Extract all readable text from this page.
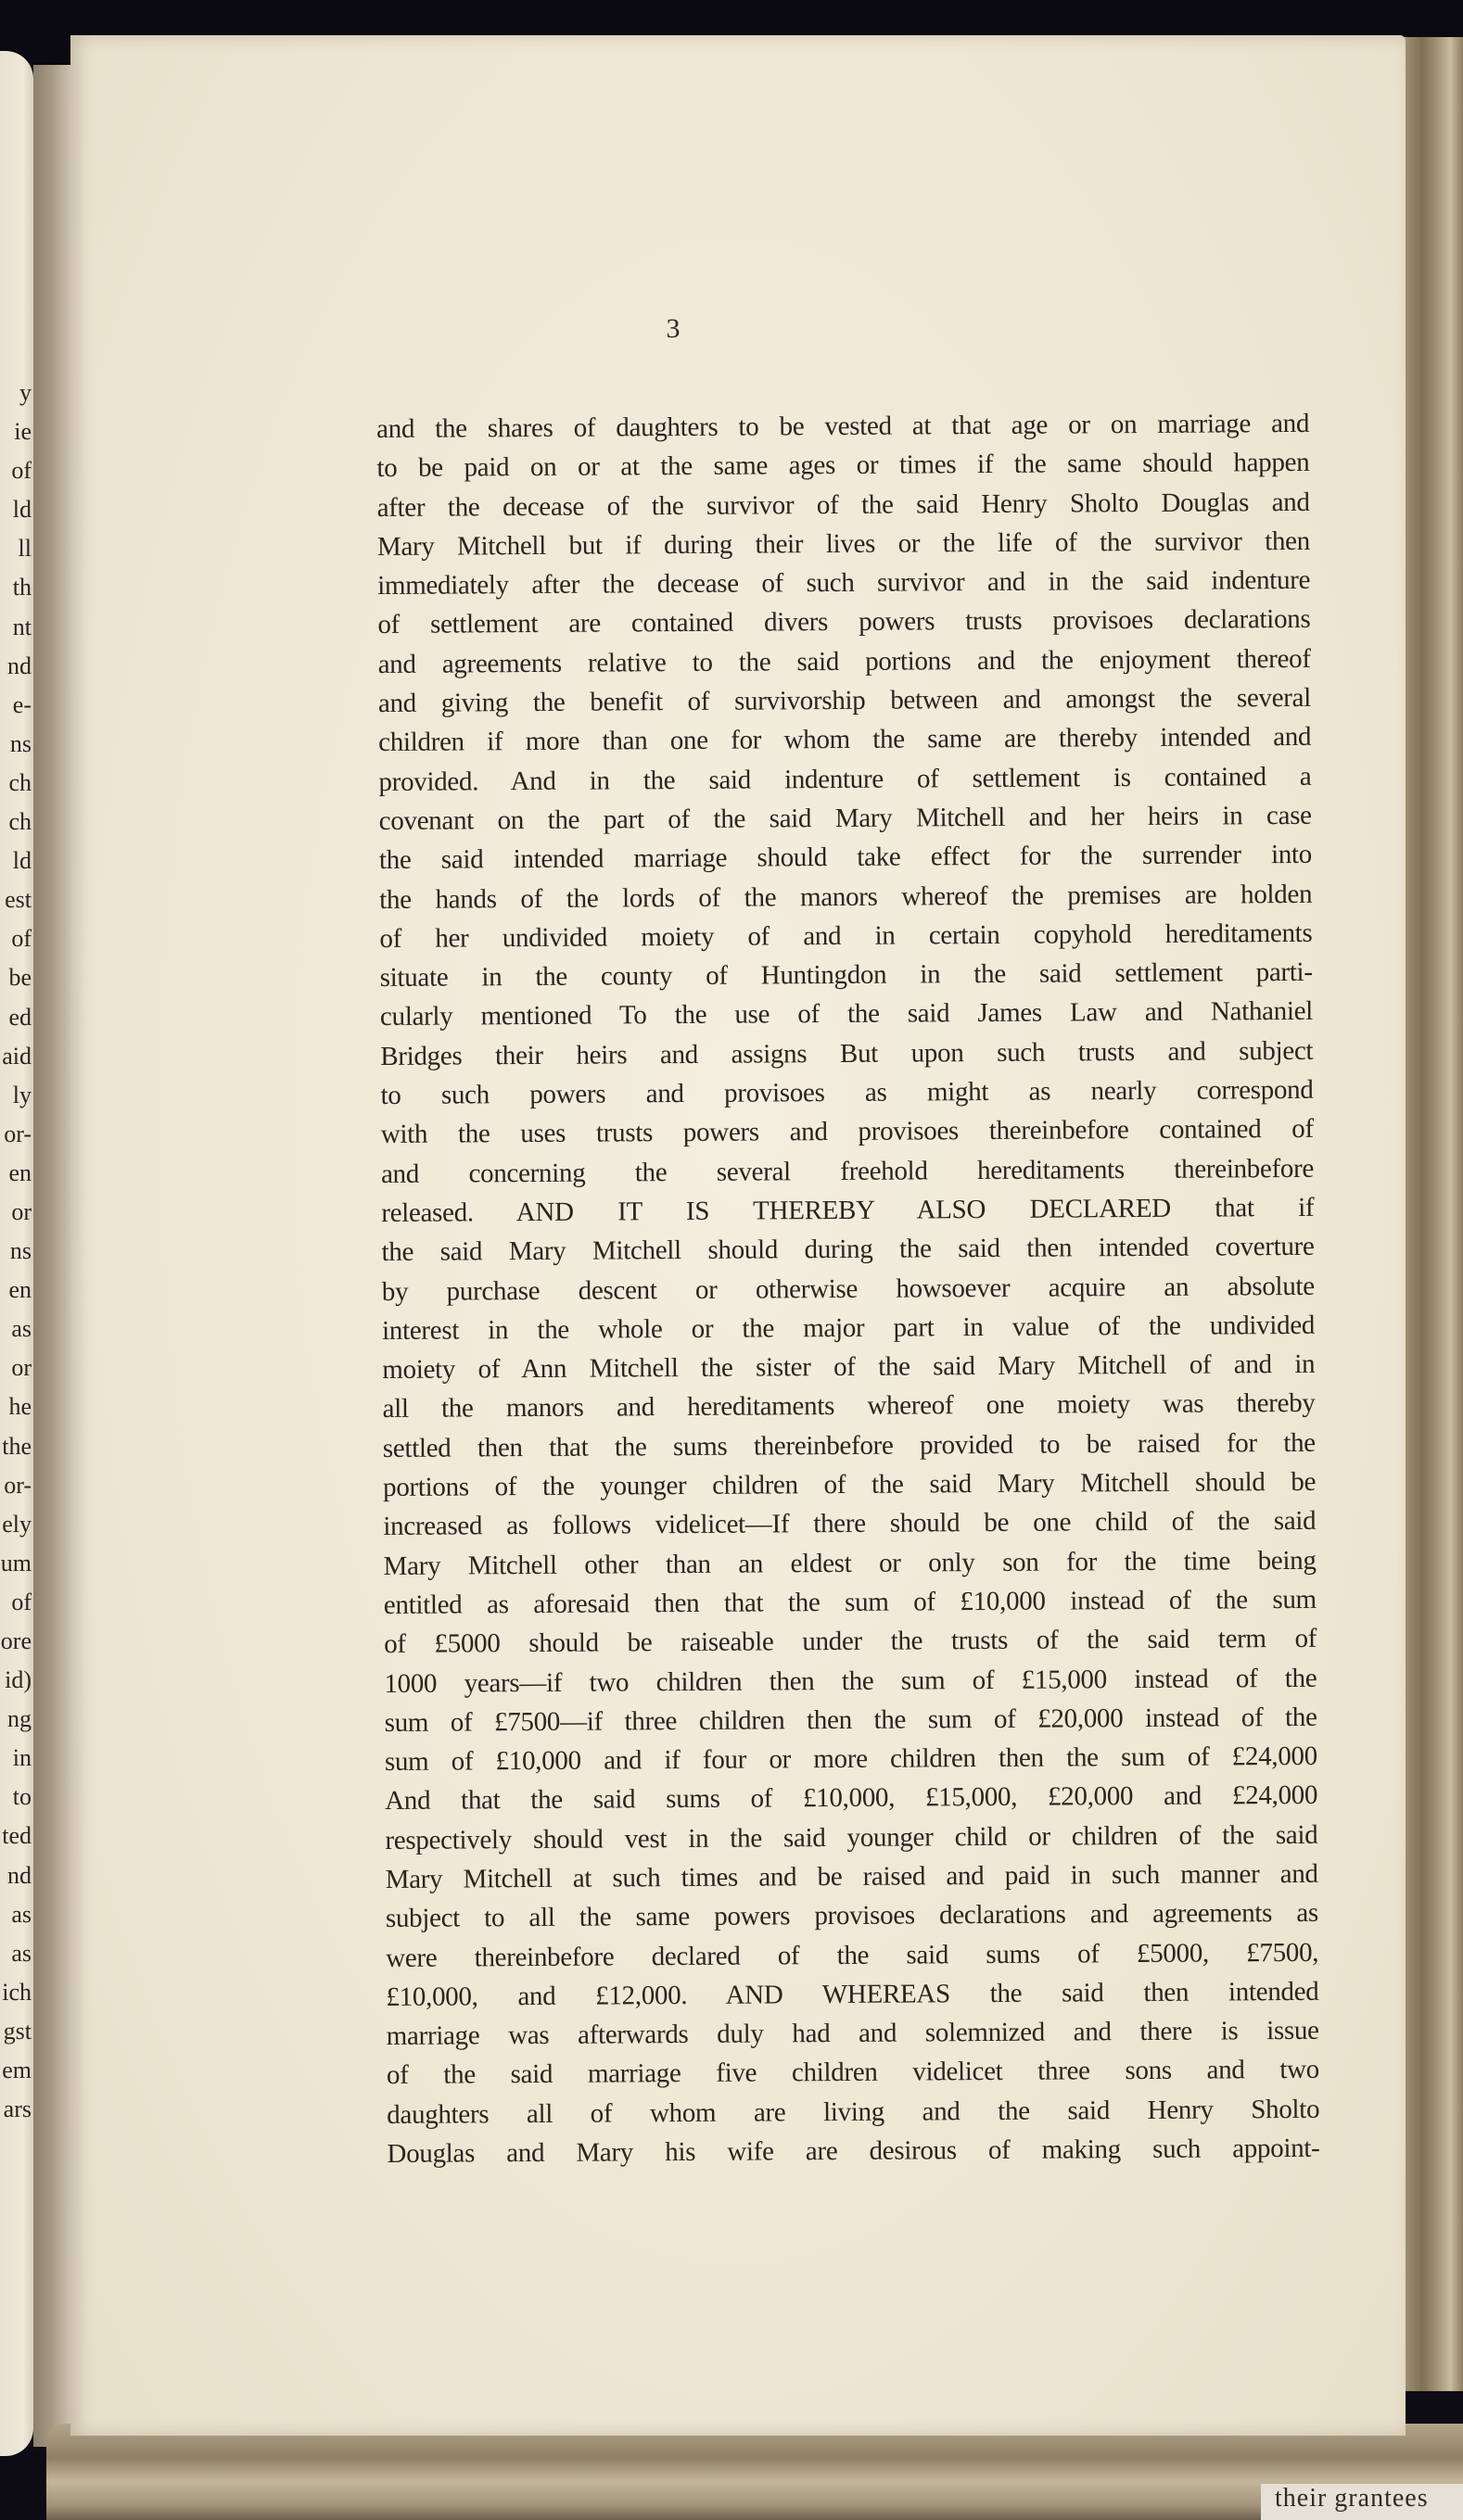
y
ie
of
ld
ll
th
nt
nd
e-
ns
ch
ch
ld
est
of
be
ed
aid
ly
or-
en
or
ns
en
as
or
he
the
or-
ely
um
of
ore
id)
ng
in
to
ted
nd
as
as
ich
gst
em
ars
their grantees
3
and the shares of daughters to be vested at that age or on marriage and
to be paid on or at the same ages or times if the same should happen
after the decease of the survivor of the said Henry Sholto Douglas and
Mary Mitchell but if during their lives or the life of the survivor then
immediately after the decease of such survivor and in the said indenture
of settlement are contained divers powers trusts provisoes declarations
and agreements relative to the said portions and the enjoyment thereof
and giving the benefit of survivorship between and amongst the several
children if more than one for whom the same are thereby intended and
provided. And in the said indenture of settlement is contained a
covenant on the part of the said Mary Mitchell and her heirs in case
the said intended marriage should take effect for the surrender into
the hands of the lords of the manors whereof the premises are holden
of her undivided moiety of and in certain copyhold hereditaments
situate in the county of Huntingdon in the said settlement parti-
cularly mentioned To the use of the said James Law and Nathaniel
Bridges their heirs and assigns But upon such trusts and subject
to such powers and provisoes as might as nearly correspond
with the uses trusts powers and provisoes thereinbefore contained of
and concerning the several freehold hereditaments thereinbefore
released. AND IT IS THEREBY ALSO DECLARED that if
the said Mary Mitchell should during the said then intended coverture
by purchase descent or otherwise howsoever acquire an absolute
interest in the whole or the major part in value of the undivided
moiety of Ann Mitchell the sister of the said Mary Mitchell of and in
all the manors and hereditaments whereof one moiety was thereby
settled then that the sums thereinbefore provided to be raised for the
portions of the younger children of the said Mary Mitchell should be
increased as follows videlicet—If there should be one child of the said
Mary Mitchell other than an eldest or only son for the time being
entitled as aforesaid then that the sum of £10,000 instead of the sum
of £5000 should be raiseable under the trusts of the said term of
1000 years—if two children then the sum of £15,000 instead of the
sum of £7500—if three children then the sum of £20,000 instead of the
sum of £10,000 and if four or more children then the sum of £24,000
And that the said sums of £10,000, £15,000, £20,000 and £24,000
respectively should vest in the said younger child or children of the said
Mary Mitchell at such times and be raised and paid in such manner and
subject to all the same powers provisoes declarations and agreements as
were thereinbefore declared of the said sums of £5000, £7500,
£10,000, and £12,000. AND WHEREAS the said then intended
marriage was afterwards duly had and solemnized and there is issue
of the said marriage five children videlicet three sons and two
daughters all of whom are living and the said Henry Sholto
Douglas and Mary his wife are desirous of making such appoint-
